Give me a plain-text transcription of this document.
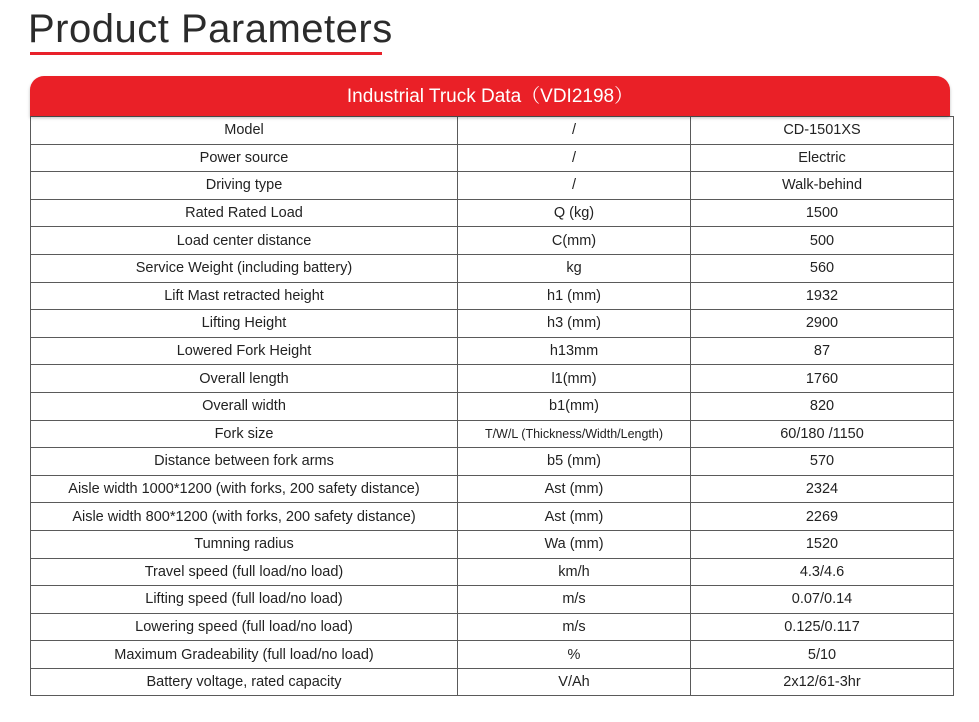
Product Parameters
Industrial Truck Data（VDI2198）
Model	/	CD-1501XS
Power source	/	Electric
Driving type	/	Walk-behind
Rated Rated Load	Q (kg)	1500
Load center distance	C(mm)	500
Service Weight (including battery)	kg	560
Lift Mast retracted height	h1 (mm)	1932
Lifting Height	h3 (mm)	2900
Lowered Fork Height	h13mm	87
Overall length	l1(mm)	1760
Overall width	b1(mm)	820
Fork size	T/W/L (Thickness/Width/Length)	60/180 /1150
Distance between fork arms	b5 (mm)	570
Aisle width 1000*1200 (with forks, 200 safety distance)	Ast (mm)	2324
Aisle width 800*1200 (with forks, 200 safety distance)	Ast (mm)	2269
Tumning radius	Wa (mm)	1520
Travel speed (full load/no load)	km/h	4.3/4.6
Lifting speed (full load/no load)	m/s	0.07/0.14
Lowering speed (full load/no load)	m/s	0.125/0.117
Maximum Gradeability (full load/no load)	%	5/10
Battery voltage, rated capacity	V/Ah	2x12/61-3hr
